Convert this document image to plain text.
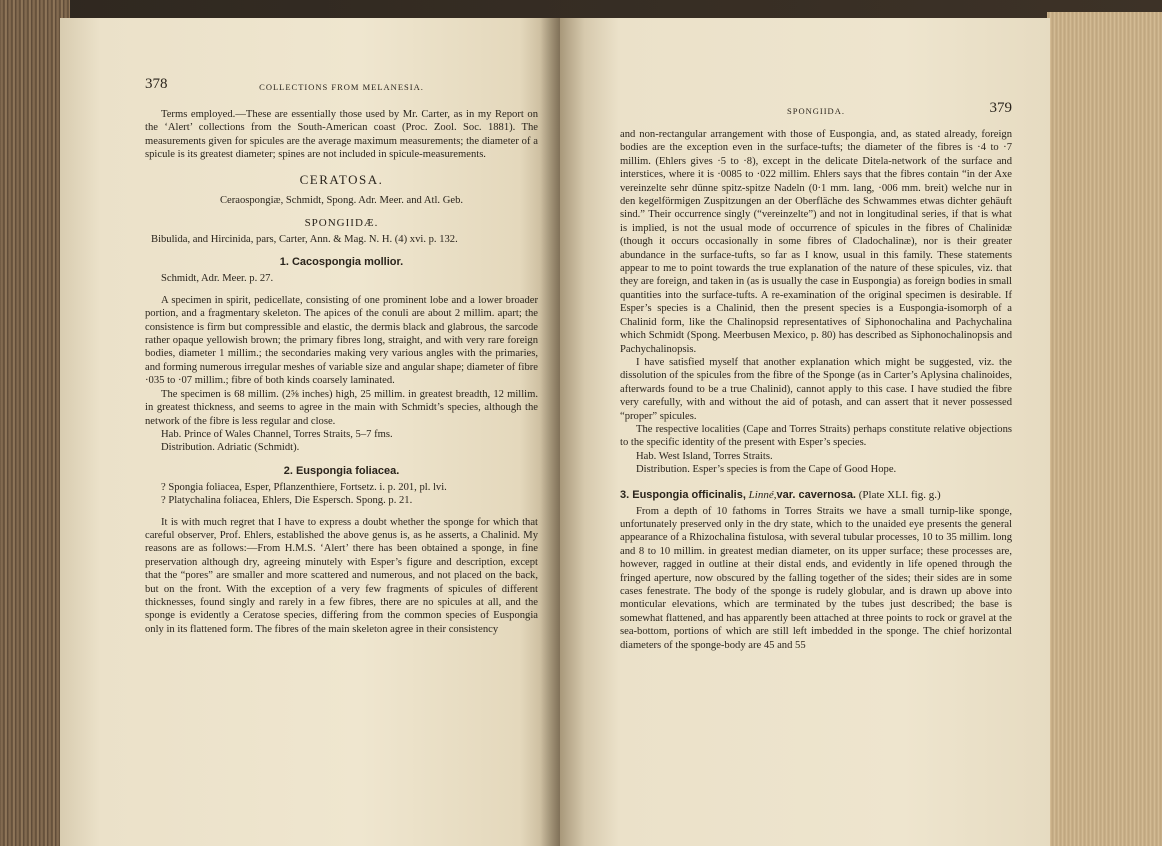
378	COLLECTIONS FROM MELANESIA.

Terms employed.—These are essentially those used by Mr. Carter, as in my Report on the ‘Alert’ collections from the South-American coast (Proc. Zool. Soc. 1881). The measurements given for spicules are the average maximum measurements; the diameter of a spicule is its greatest diameter; spines are not included in spicule-measurements.

CERATOSA.

Ceraospongiæ, Schmidt, Spong. Adr. Meer. and Atl. Geb.

SPONGIIDÆ.

Bibulida, and Hircinida, pars, Carter, Ann. & Mag. N. H. (4) xvi. p. 132.

1. Cacospongia mollior.

Schmidt, Adr. Meer. p. 27.

A specimen in spirit, pedicellate, consisting of one prominent lobe and a lower broader portion, and a fragmentary skeleton. The apices of the conuli are about 2 millim. apart; the consistence is firm but compressible and elastic, the dermis black and glabrous, the sarcode rather opaque yellowish brown; the primary fibres long, straight, and with very rare foreign bodies, diameter 1 millim.; the secondaries making very various angles with the primaries, and forming numerous irregular meshes of variable size and angular shape; diameter of fibre ·035 to ·07 millim.; fibre of both kinds coarsely laminated.

The specimen is 68 millim. (2⅝ inches) high, 25 millim. in greatest breadth, 12 millim. in greatest thickness, and seems to agree in the main with Schmidt’s species, although the network of the fibre is less regular and close.

Hab. Prince of Wales Channel, Torres Straits, 5–7 fms.

Distribution. Adriatic (Schmidt).

2. Euspongia foliacea.

? Spongia foliacea, Esper, Pflanzenthiere, Fortsetz. i. p. 201, pl. lvi.

? Platychalina foliacea, Ehlers, Die Espersch. Spong. p. 21.

It is with much regret that I have to express a doubt whether the sponge for which that careful observer, Prof. Ehlers, established the above genus is, as he asserts, a Chalinid. My reasons are as follows:—From H.M.S. ‘Alert’ there has been obtained a sponge, in fine preservation although dry, agreeing minutely with Esper’s figure and description, except that the “pores” are smaller and more scattered and numerous, and not placed on the back, but on the front. With the exception of a very few fragments of spicules of different thicknesses, found singly and rarely in a few fibres, there are no spicules at all, and the sponge is evidently a Ceratose species, differing from the common species of Euspongia only in its flattened form. The fibres of the main skeleton agree in their consistency

SPONGIIDA.	379

and non-rectangular arrangement with those of Euspongia, and, as stated already, foreign bodies are the exception even in the surface-tufts; the diameter of the fibres is ·4 to ·7 millim. (Ehlers gives ·5 to ·8), except in the delicate Ditela-network of the surface and interstices, where it is ·0085 to ·022 millim. Ehlers says that the fibres contain “in der Axe vereinzelte sehr dünne spitz-spitze Nadeln (0·1 mm. lang, ·006 mm. breit) welche nur in den kegelförmigen Zuspitzungen an der Oberfläche des Schwammes etwas dichter gehäuft sind.” Their occurrence singly (“vereinzelte”) and not in longitudinal series, if that is what is implied, is not the usual mode of occurrence of spicules in the fibres of Chalinidæ (though it occurs occasionally in some fibres of Cladochalinæ), nor is their greater abundance in the surface-tufts, so far as I know, usual in this family. These statements appear to me to point towards the true explanation of the nature of these spicules, viz. that they are foreign, and taken in (as is usually the case in Euspongia) as foreign bodies in small quantities into the surface-tufts. A re-examination of the original specimen is desirable. If Esper’s species is a Chalinid, then the present species is a Euspongia-isomorph of a Chalinid form, like the Chalinopsid representatives of Siphonochalina and Pachychalina which Schmidt (Spong. Meerbusen Mexico, p. 80) has described as Siphonochalinopsis and Pachychalinopsis.

I have satisfied myself that another explanation which might be suggested, viz. the dissolution of the spicules from the fibre of the Sponge (as in Carter’s Aplysina chalinoides, afterwards found to be a true Chalinid), cannot apply to this case. I have studied the fibre very carefully, with and without the aid of potash, and can assert that it never possessed “proper” spicules.

The respective localities (Cape and Torres Straits) perhaps constitute relative objections to the specific identity of the present with Esper’s species.

Hab. West Island, Torres Straits.

Distribution. Esper’s species is from the Cape of Good Hope.

3. Euspongia officinalis, Linné,var. cavernosa. (Plate XLI. fig. g.)

From a depth of 10 fathoms in Torres Straits we have a small turnip-like sponge, unfortunately preserved only in the dry state, which to the unaided eye presents the general appearance of a Rhizochalina fistulosa, with several tubular processes, 10 to 35 millim. long and 8 to 10 millim. in greatest median diameter, on its upper surface; these processes are, however, ragged in outline at their distal ends, and evidently in life opened through the fringed aperture, now obscured by the falling together of the sides; their sides are in some cases fenestrate. The body of the sponge is rudely globular, and is drawn up above into monticular elevations, which are terminated by the tubes just described; the base is somewhat flattened, and has apparently been attached at three points to rock or gravel at the sea-bottom, portions of which are still left imbedded in the sponge. The chief horizontal diameters of the sponge-body are 45 and 55
